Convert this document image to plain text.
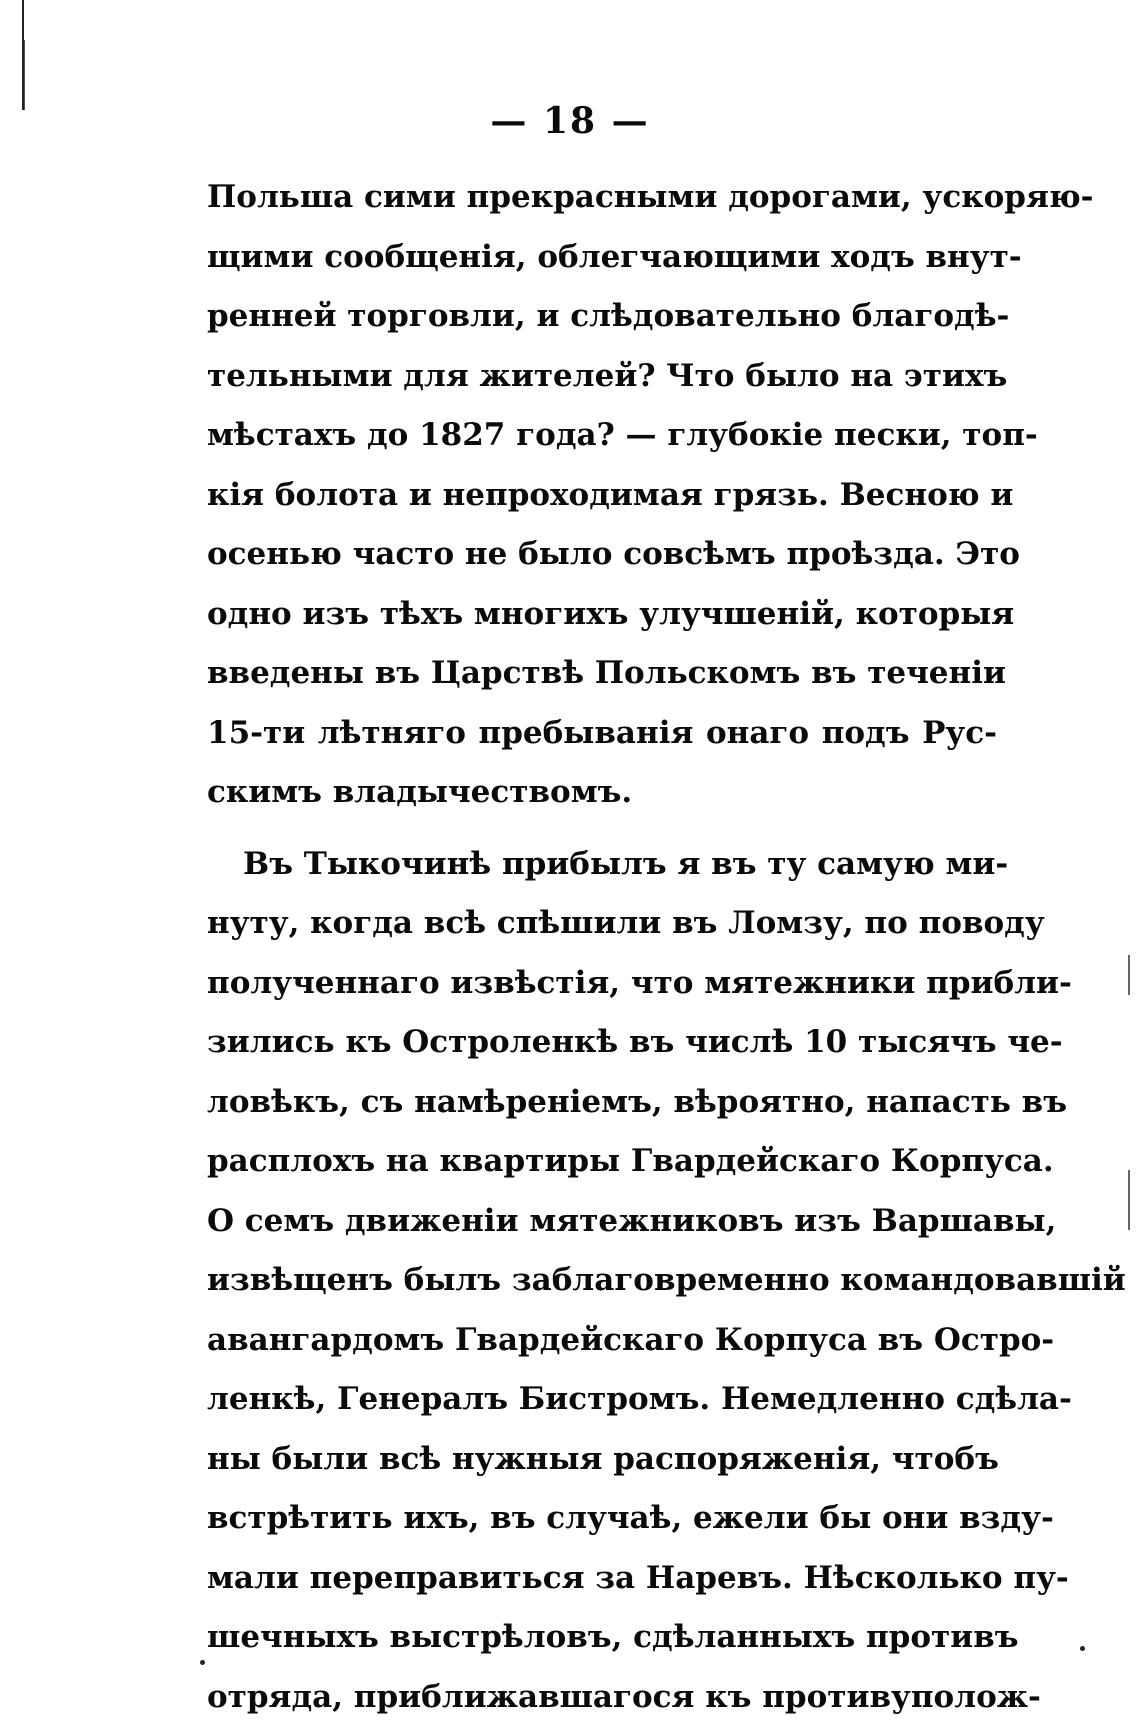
— 18 —

Польша сими прекрасными дорогами, ускоряю-

щими сообщенія, облегчающими ходъ внут-

ренней торговли, и слѣдовательно благодѣ-

тельными для жителей? Что было на этихъ

мѣстахъ до 1827 года? — глубокіе пески, топ-

кія болота и непроходимая грязь. Весною и

осенью часто не было совсѣмъ проѣзда. Это

одно изъ тѣхъ многихъ улучшеній, которыя

введены въ Царствѣ Польскомъ въ теченіи

15-ти лѣтняго пребыванія онаго подъ Рус-

скимъ владычествомъ.

Въ Тыкочинѣ прибылъ я въ ту самую ми-

нуту, когда всѣ спѣшили въ Ломзу, по поводу

полученнаго извѣстія, что мятежники прибли-

зились къ Остроленкѣ въ числѣ 10 тысячъ че-

ловѣкъ, съ намѣреніемъ, вѣроятно, напасть въ

расплохъ на квартиры Гвардейскаго Корпуса.

О семъ движеніи мятежниковъ изъ Варшавы,

извѣщенъ былъ заблаговременно командовавшій

авангардомъ Гвардейскаго Корпуса въ Остро-

ленкѣ, Генералъ Бистромъ. Немедленно сдѣла-

ны были всѣ нужныя распоряженія, чтобъ

встрѣтить ихъ, въ случаѣ, ежели бы они взду-

мали переправиться за Наревъ. Нѣсколько пу-

шечныхъ выстрѣловъ, сдѣланныхъ противъ

отряда, приближавшагося къ противуполож-
